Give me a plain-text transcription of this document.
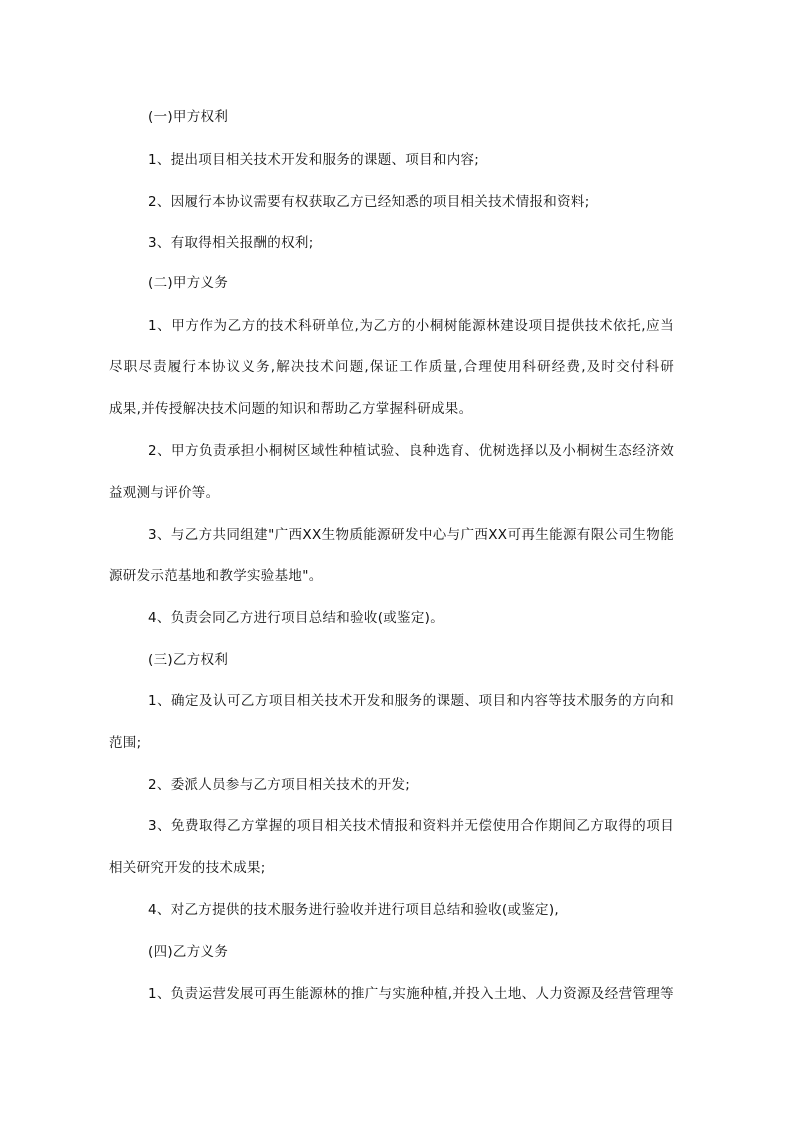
(一)甲方权利
1、提出项目相关技术开发和服务的课题、项目和内容;
2、因履行本协议需要有权获取乙方已经知悉的项目相关技术情报和资料;
3、有取得相关报酬的权利;
(二)甲方义务
1、甲方作为乙方的技术科研单位,为乙方的小桐树能源林建设项目提供技术依托,应当
尽职尽责履行本协议义务,解决技术问题,保证工作质量,合理使用科研经费,及时交付科研
成果,并传授解决技术问题的知识和帮助乙方掌握科研成果。
2、甲方负责承担小桐树区域性种植试验、良种选育、优树选择以及小桐树生态经济效
益观测与评价等。
3、与乙方共同组建"广西XX生物质能源研发中心与广西XX可再生能源有限公司生物能
源研发示范基地和教学实验基地"。
4、负责会同乙方进行项目总结和验收(或鉴定)。
(三)乙方权利
1、确定及认可乙方项目相关技术开发和服务的课题、项目和内容等技术服务的方向和
范围;
2、委派人员参与乙方项目相关技术的开发;
3、免费取得乙方掌握的项目相关技术情报和资料并无偿使用合作期间乙方取得的项目
相关研究开发的技术成果;
4、对乙方提供的技术服务进行验收并进行项目总结和验收(或鉴定),
(四)乙方义务
1、负责运营发展可再生能源林的推广与实施种植,并投入土地、人力资源及经营管理等
